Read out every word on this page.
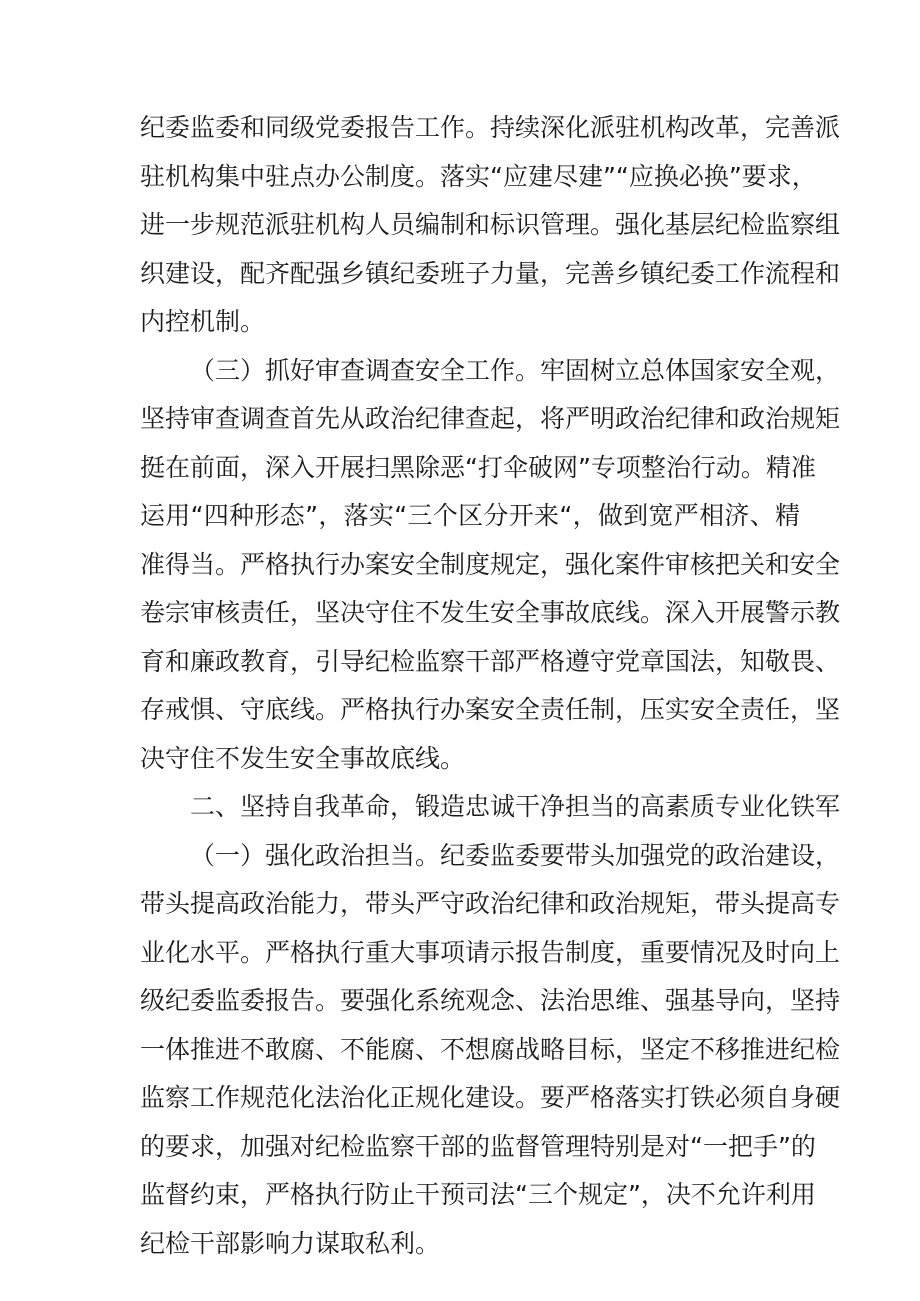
纪委监委和同级党委报告工作。持续深化派驻机构改革，完善派
驻机构集中驻点办公制度。落实“应建尽建”“应换必换”要求，
进一步规范派驻机构人员编制和标识管理。强化基层纪检监察组
织建设，配齐配强乡镇纪委班子力量，完善乡镇纪委工作流程和
内控机制。
（三）抓好审查调查安全工作。牢固树立总体国家安全观，
坚持审查调查首先从政治纪律查起，将严明政治纪律和政治规矩
挺在前面，深入开展扫黑除恶“打伞破网”专项整治行动。精准
运用“四种形态”，落实“三个区分开来“，做到宽严相济、精
准得当。严格执行办案安全制度规定，强化案件审核把关和安全
卷宗审核责任，坚决守住不发生安全事故底线。深入开展警示教
育和廉政教育，引导纪检监察干部严格遵守党章国法，知敬畏、
存戒惧、守底线。严格执行办案安全责任制，压实安全责任，坚
决守住不发生安全事故底线。
二、坚持自我革命，锻造忠诚干净担当的高素质专业化铁军
（一）强化政治担当。纪委监委要带头加强党的政治建设，
带头提高政治能力，带头严守政治纪律和政治规矩，带头提高专
业化水平。严格执行重大事项请示报告制度，重要情况及时向上
级纪委监委报告。要强化系统观念、法治思维、强基导向，坚持
一体推进不敢腐、不能腐、不想腐战略目标，坚定不移推进纪检
监察工作规范化法治化正规化建设。要严格落实打铁必须自身硬
的要求，加强对纪检监察干部的监督管理特别是对“一把手”的
监督约束，严格执行防止干预司法“三个规定”，决不允许利用
纪检干部影响力谋取私利。
